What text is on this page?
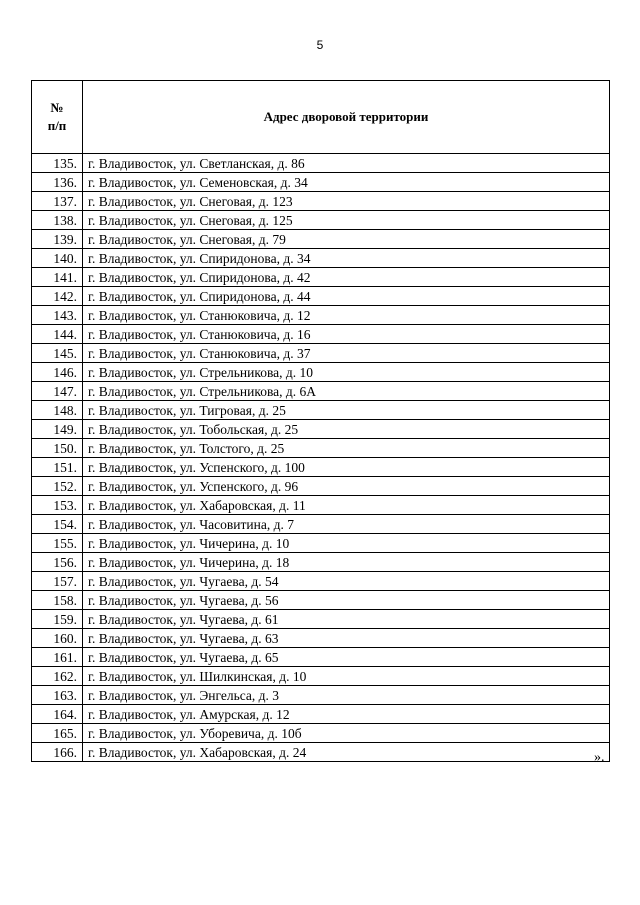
5
№
п/п	Адрес дворовой территории
135.	г. Владивосток, ул. Светланская, д. 86
136.	г. Владивосток, ул. Семеновская, д. 34
137.	г. Владивосток, ул. Снеговая, д. 123
138.	г. Владивосток, ул. Снеговая, д. 125
139.	г. Владивосток, ул. Снеговая, д. 79
140.	г. Владивосток, ул. Спиридонова, д. 34
141.	г. Владивосток, ул. Спиридонова, д. 42
142.	г. Владивосток, ул. Спиридонова, д. 44
143.	г. Владивосток, ул. Станюковича, д. 12
144.	г. Владивосток, ул. Станюковича, д. 16
145.	г. Владивосток, ул. Станюковича, д. 37
146.	г. Владивосток, ул. Стрельникова, д. 10
147.	г. Владивосток, ул. Стрельникова, д. 6А
148.	г. Владивосток, ул. Тигровая, д. 25
149.	г. Владивосток, ул. Тобольская, д. 25
150.	г. Владивосток, ул. Толстого, д. 25
151.	г. Владивосток, ул. Успенского, д. 100
152.	г. Владивосток, ул. Успенского, д. 96
153.	г. Владивосток, ул. Хабаровская, д. 11
154.	г. Владивосток, ул. Часовитина, д. 7
155.	г. Владивосток, ул. Чичерина, д. 10
156.	г. Владивосток, ул. Чичерина, д. 18
157.	г. Владивосток, ул. Чугаева, д. 54
158.	г. Владивосток, ул. Чугаева, д. 56
159.	г. Владивосток, ул. Чугаева, д. 61
160.	г. Владивосток, ул. Чугаева, д. 63
161.	г. Владивосток, ул. Чугаева, д. 65
162.	г. Владивосток, ул. Шилкинская, д. 10
163.	г. Владивосток, ул. Энгельса, д. 3
164.	г. Владивосток, ул. Амурская, д. 12
165.	г. Владивосток, ул. Уборевича, д. 10б
166.	г. Владивосток, ул. Хабаровская, д. 24	».
